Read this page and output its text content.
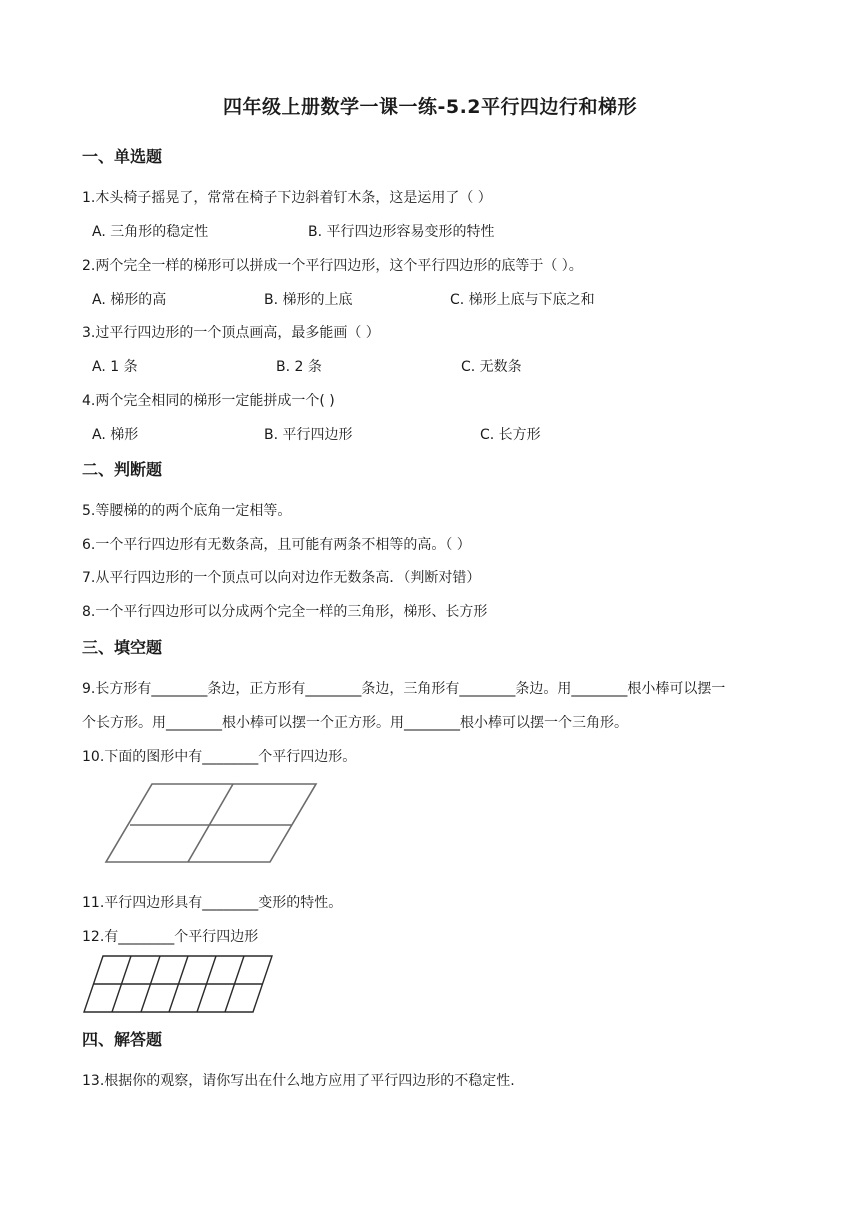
四年级上册数学一课一练-5.2平行四边行和梯形
一、单选题
1.木头椅子摇晃了，常常在椅子下边斜着钉木条，这是运用了（ ）
A. 三角形的稳定性	B. 平行四边形容易变形的特性
2.两个完全一样的梯形可以拼成一个平行四边形，这个平行四边形的底等于（ ）。
A. 梯形的高	B. 梯形的上底	C. 梯形上底与下底之和
3.过平行四边形的一个顶点画高，最多能画（ ）
A. 1 条	B. 2 条	C. 无数条
4.两个完全相同的梯形一定能拼成一个( )
A. 梯形	B. 平行四边形	C. 长方形
二、判断题
5.等腰梯的的两个底角一定相等。
6.一个平行四边形有无数条高，且可能有两条不相等的高。（ ）
7.从平行四边形的一个顶点可以向对边作无数条高．（判断对错）
8.一个平行四边形可以分成两个完全一样的三角形，梯形、长方形
三、填空题
9.长方形有________条边，正方形有________条边，三角形有________条边。用________根小棒可以摆一
个长方形。用________根小棒可以摆一个正方形。用________根小棒可以摆一个三角形。
10.下面的图形中有________个平行四边形。
11.平行四边形具有________变形的特性。
12.有________个平行四边形
四、解答题
13.根据你的观察，请你写出在什么地方应用了平行四边形的不稳定性.
